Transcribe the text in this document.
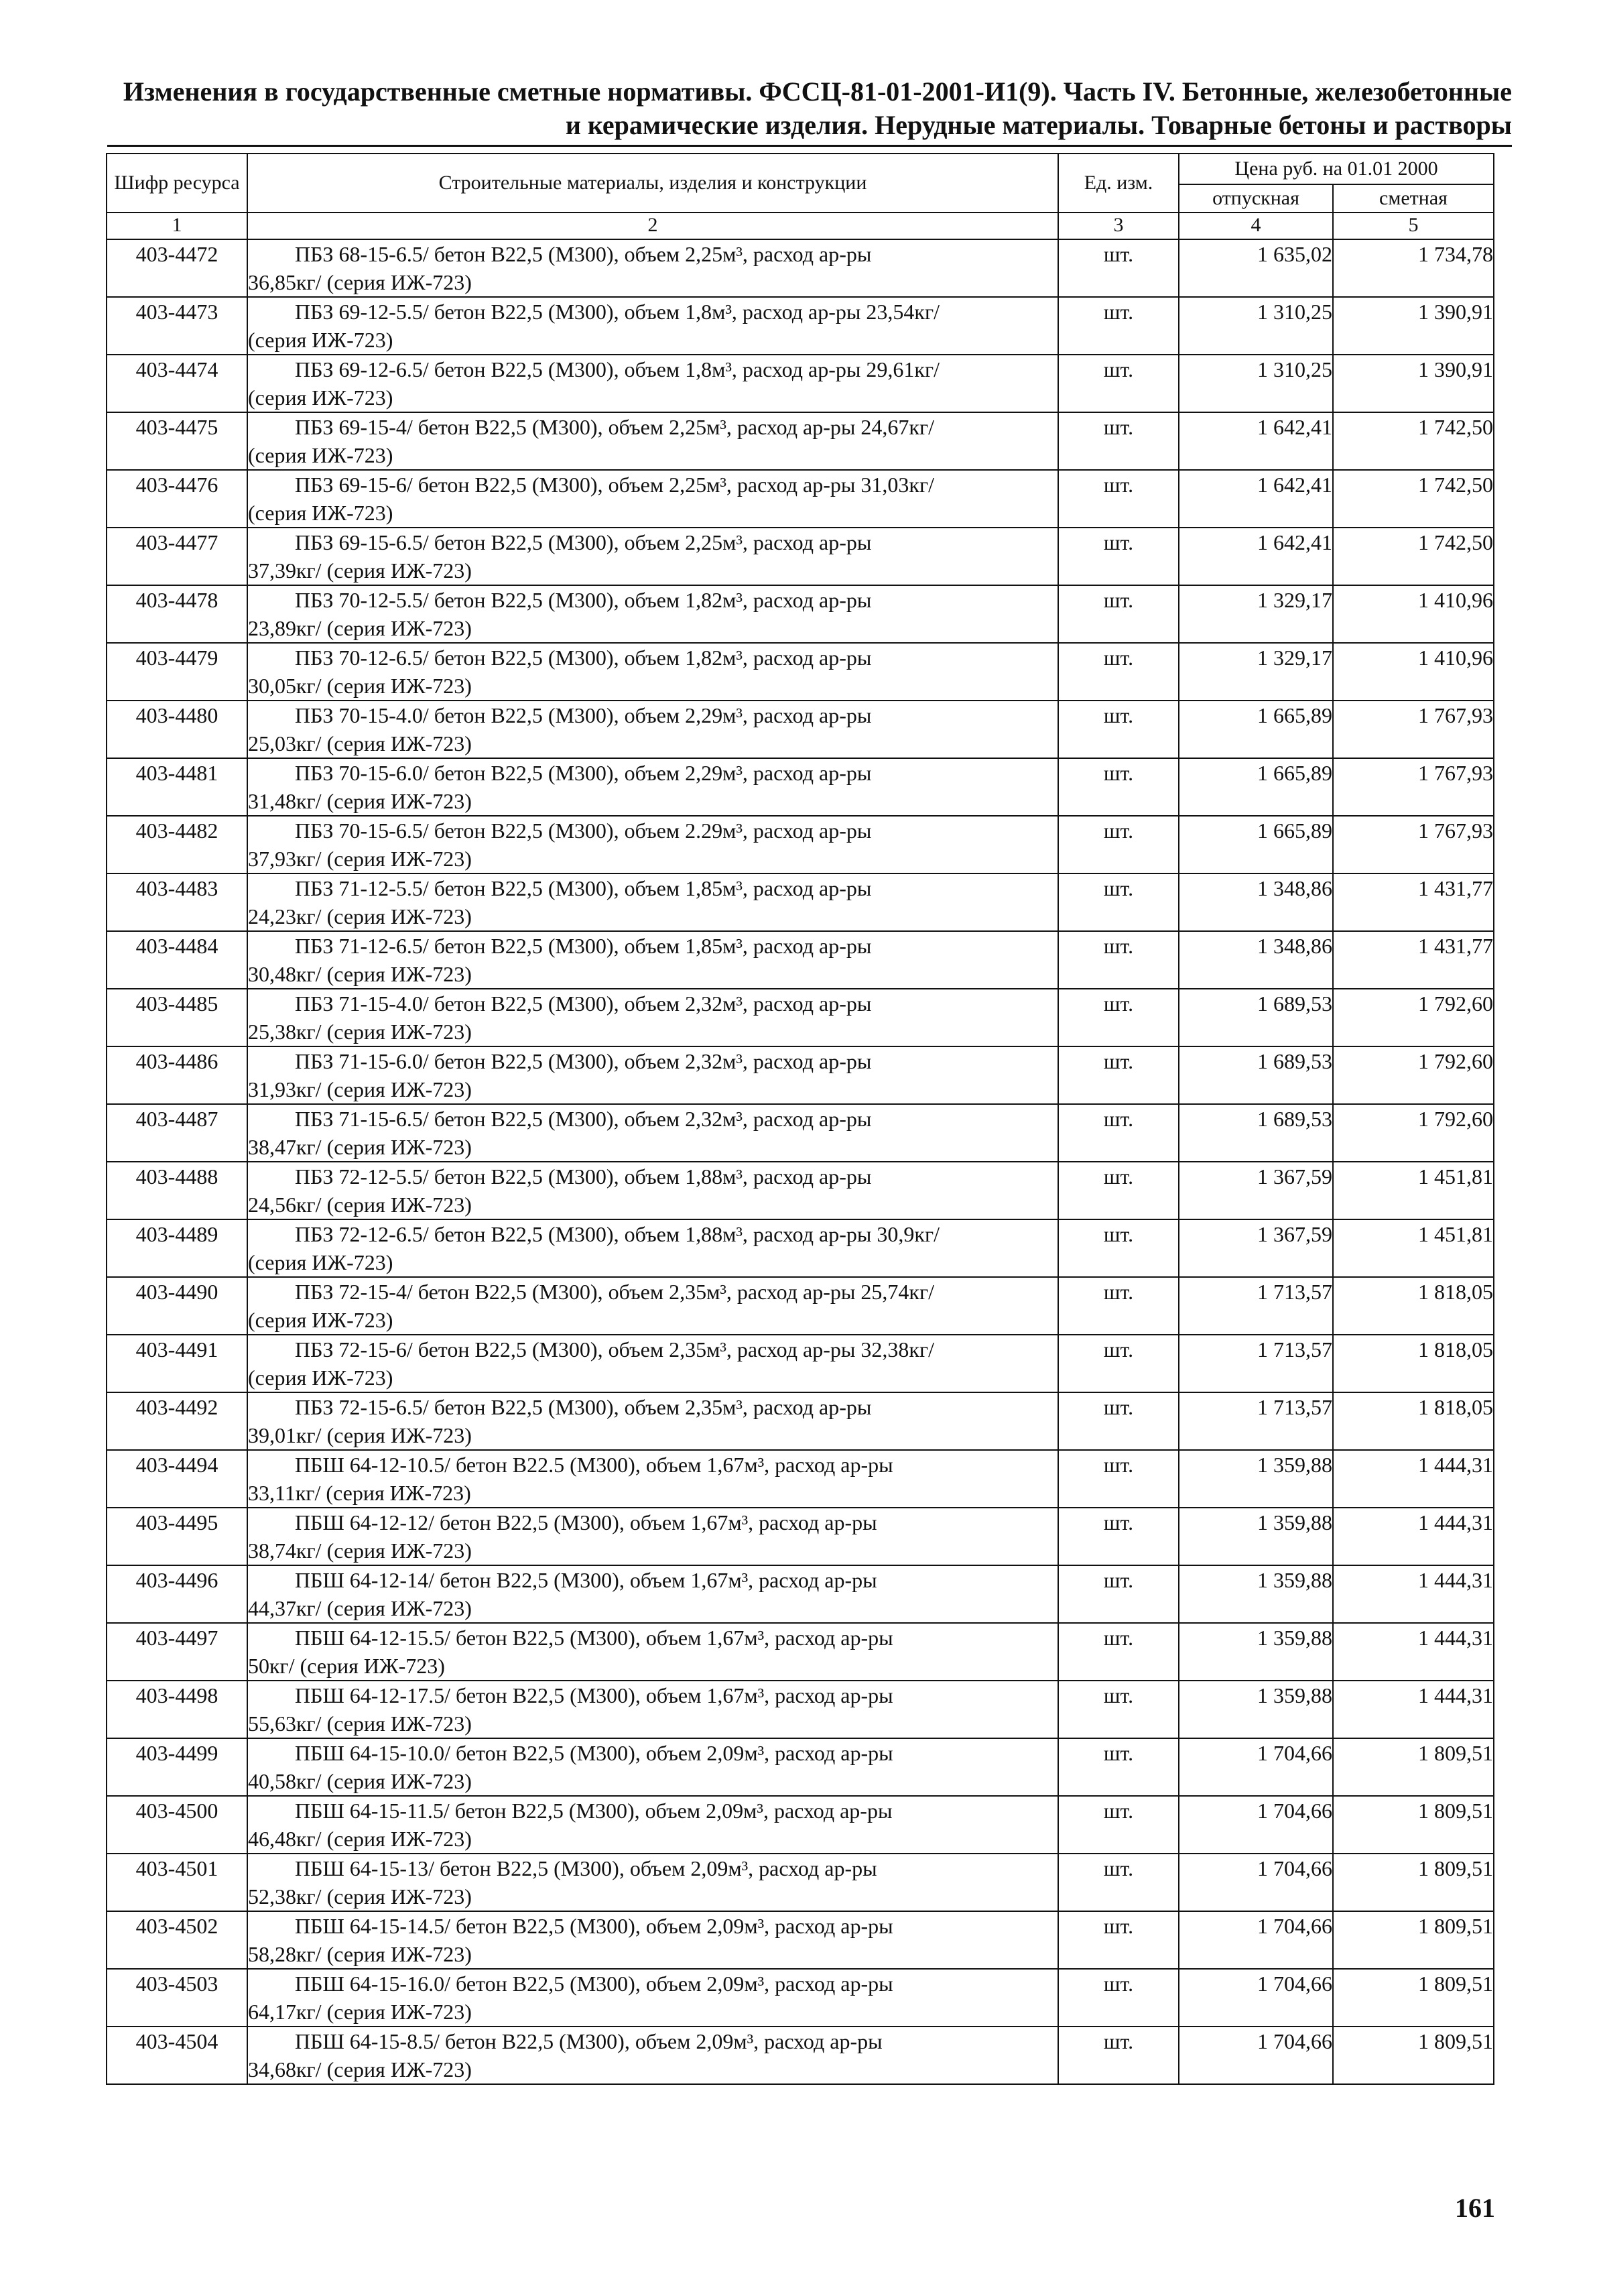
Изменения в государственные сметные нормативы. ФССЦ-81-01-2001-И1(9). Часть IV. Бетонные, железобетонные и керамические изделия. Нерудные материалы. Товарные бетоны и растворы
Шифр ресурса	Строительные материалы, изделия и конструкции	Ед. изм.	Цена руб. на 01.01 2000	
			отпускная	сметная
1	2	3	4	5
403-4472	ПБЗ 68-15-6.5/ бетон В22,5 (М300), объем 2,25м³, расход ар-ры
36,85кг/ (серия ИЖ-723)	шт.	1 635,02	1 734,78
403-4473	ПБЗ 69-12-5.5/ бетон В22,5 (М300), объем 1,8м³, расход ар-ры 23,54кг/
(серия ИЖ-723)	шт.	1 310,25	1 390,91
403-4474	ПБЗ 69-12-6.5/ бетон В22,5 (М300), объем 1,8м³, расход ар-ры 29,61кг/
(серия ИЖ-723)	шт.	1 310,25	1 390,91
403-4475	ПБЗ 69-15-4/ бетон В22,5 (М300), объем 2,25м³, расход ар-ры 24,67кг/
(серия ИЖ-723)	шт.	1 642,41	1 742,50
403-4476	ПБЗ 69-15-6/ бетон В22,5 (М300), объем 2,25м³, расход ар-ры 31,03кг/
(серия ИЖ-723)	шт.	1 642,41	1 742,50
403-4477	ПБЗ 69-15-6.5/ бетон В22,5 (М300), объем 2,25м³, расход ар-ры
37,39кг/ (серия ИЖ-723)	шт.	1 642,41	1 742,50
403-4478	ПБЗ 70-12-5.5/ бетон В22,5 (М300), объем 1,82м³, расход ар-ры
23,89кг/ (серия ИЖ-723)	шт.	1 329,17	1 410,96
403-4479	ПБЗ 70-12-6.5/ бетон В22,5 (М300), объем 1,82м³, расход ар-ры
30,05кг/ (серия ИЖ-723)	шт.	1 329,17	1 410,96
403-4480	ПБЗ 70-15-4.0/ бетон В22,5 (М300), объем 2,29м³, расход ар-ры
25,03кг/ (серия ИЖ-723)	шт.	1 665,89	1 767,93
403-4481	ПБЗ 70-15-6.0/ бетон В22,5 (М300), объем 2,29м³, расход ар-ры
31,48кг/ (серия ИЖ-723)	шт.	1 665,89	1 767,93
403-4482	ПБЗ 70-15-6.5/ бетон В22,5 (М300), объем 2.29м³, расход ар-ры
37,93кг/ (серия ИЖ-723)	шт.	1 665,89	1 767,93
403-4483	ПБЗ 71-12-5.5/ бетон В22,5 (М300), объем 1,85м³, расход ар-ры
24,23кг/ (серия ИЖ-723)	шт.	1 348,86	1 431,77
403-4484	ПБЗ 71-12-6.5/ бетон В22,5 (М300), объем 1,85м³, расход ар-ры
30,48кг/ (серия ИЖ-723)	шт.	1 348,86	1 431,77
403-4485	ПБЗ 71-15-4.0/ бетон В22,5 (М300), объем 2,32м³, расход ар-ры
25,38кг/ (серия ИЖ-723)	шт.	1 689,53	1 792,60
403-4486	ПБЗ 71-15-6.0/ бетон В22,5 (М300), объем 2,32м³, расход ар-ры
31,93кг/ (серия ИЖ-723)	шт.	1 689,53	1 792,60
403-4487	ПБЗ 71-15-6.5/ бетон В22,5 (М300), объем 2,32м³, расход ар-ры
38,47кг/ (серия ИЖ-723)	шт.	1 689,53	1 792,60
403-4488	ПБЗ 72-12-5.5/ бетон В22,5 (М300), объем 1,88м³, расход ар-ры
24,56кг/ (серия ИЖ-723)	шт.	1 367,59	1 451,81
403-4489	ПБЗ 72-12-6.5/ бетон В22,5 (М300), объем 1,88м³, расход ар-ры 30,9кг/
(серия ИЖ-723)	шт.	1 367,59	1 451,81
403-4490	ПБЗ 72-15-4/ бетон В22,5 (М300), объем 2,35м³, расход ар-ры 25,74кг/
(серия ИЖ-723)	шт.	1 713,57	1 818,05
403-4491	ПБЗ 72-15-6/ бетон В22,5 (М300), объем 2,35м³, расход ар-ры 32,38кг/
(серия ИЖ-723)	шт.	1 713,57	1 818,05
403-4492	ПБЗ 72-15-6.5/ бетон В22,5 (М300), объем 2,35м³, расход ар-ры
39,01кг/ (серия ИЖ-723)	шт.	1 713,57	1 818,05
403-4494	ПБШ 64-12-10.5/ бетон В22.5 (М300), объем 1,67м³, расход ар-ры
33,11кг/ (серия ИЖ-723)	шт.	1 359,88	1 444,31
403-4495	ПБШ 64-12-12/ бетон В22,5 (М300), объем 1,67м³, расход ар-ры
38,74кг/ (серия ИЖ-723)	шт.	1 359,88	1 444,31
403-4496	ПБШ 64-12-14/ бетон В22,5 (М300), объем 1,67м³, расход ар-ры
44,37кг/ (серия ИЖ-723)	шт.	1 359,88	1 444,31
403-4497	ПБШ 64-12-15.5/ бетон В22,5 (М300), объем 1,67м³, расход ар-ры
50кг/ (серия ИЖ-723)	шт.	1 359,88	1 444,31
403-4498	ПБШ 64-12-17.5/ бетон В22,5 (М300), объем 1,67м³, расход ар-ры
55,63кг/ (серия ИЖ-723)	шт.	1 359,88	1 444,31
403-4499	ПБШ 64-15-10.0/ бетон В22,5 (М300), объем 2,09м³, расход ар-ры
40,58кг/ (серия ИЖ-723)	шт.	1 704,66	1 809,51
403-4500	ПБШ 64-15-11.5/ бетон В22,5 (М300), объем 2,09м³, расход ар-ры
46,48кг/ (серия ИЖ-723)	шт.	1 704,66	1 809,51
403-4501	ПБШ 64-15-13/ бетон В22,5 (М300), объем 2,09м³, расход ар-ры
52,38кг/ (серия ИЖ-723)	шт.	1 704,66	1 809,51
403-4502	ПБШ 64-15-14.5/ бетон В22,5 (М300), объем 2,09м³, расход ар-ры
58,28кг/ (серия ИЖ-723)	шт.	1 704,66	1 809,51
403-4503	ПБШ 64-15-16.0/ бетон В22,5 (М300), объем 2,09м³, расход ар-ры
64,17кг/ (серия ИЖ-723)	шт.	1 704,66	1 809,51
403-4504	ПБШ 64-15-8.5/ бетон В22,5 (М300), объем 2,09м³, расход ар-ры
34,68кг/ (серия ИЖ-723)	шт.	1 704,66	1 809,51
161
